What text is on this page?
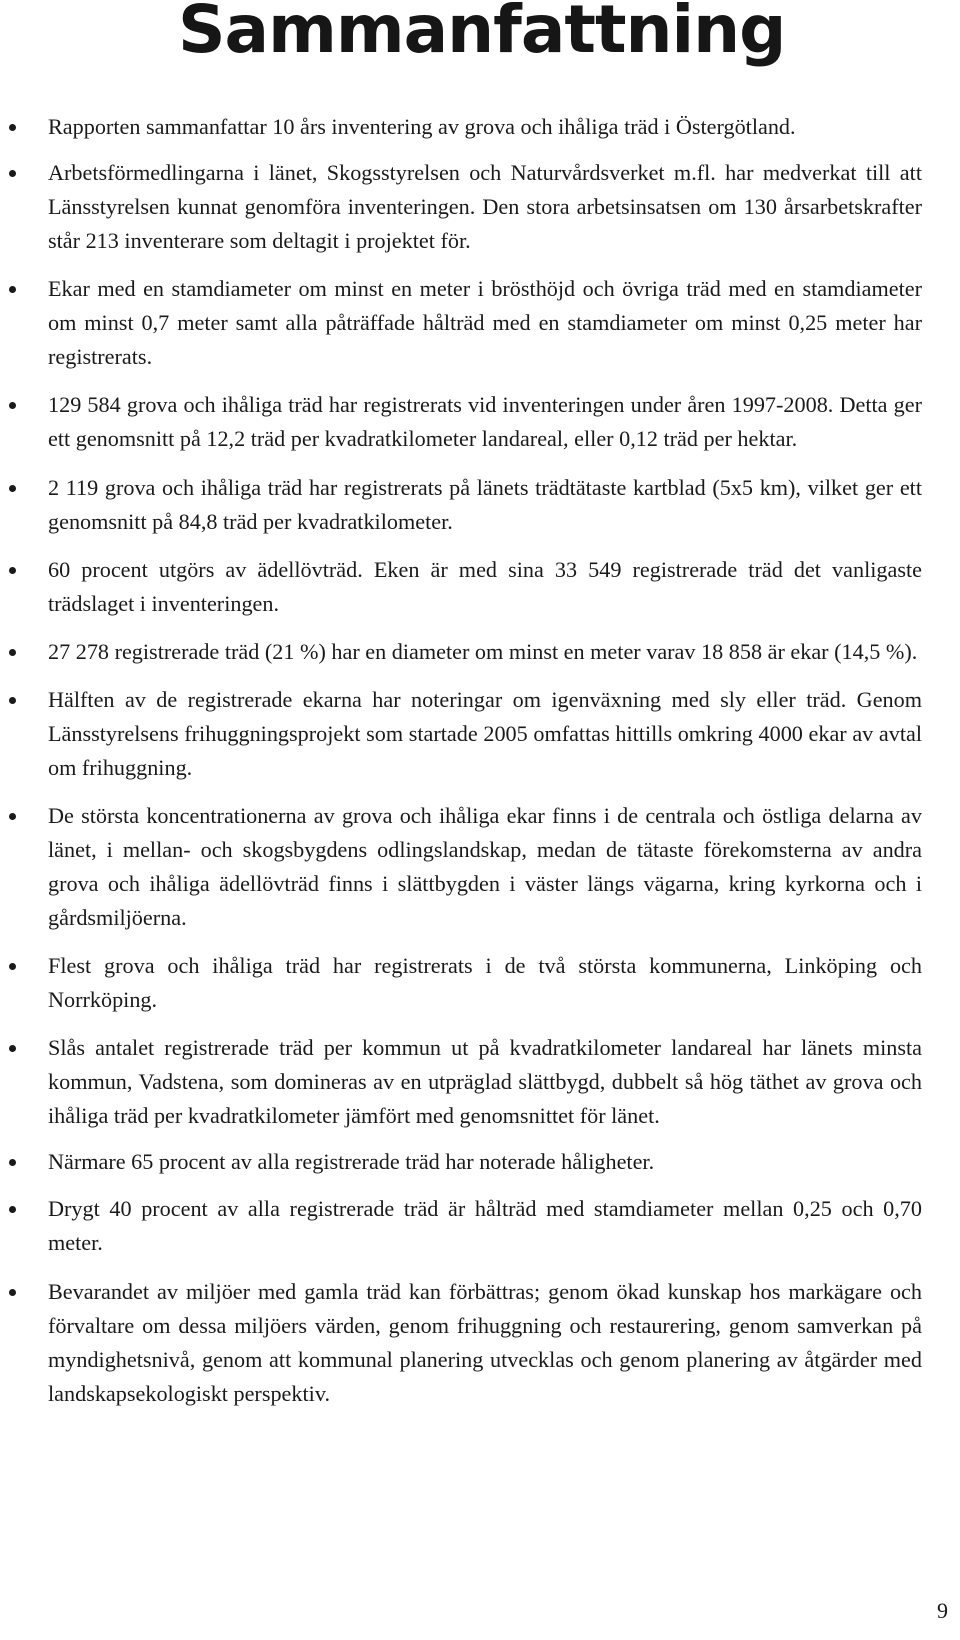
Sammanfattning
Rapporten sammanfattar 10 års inventering av grova och ihåliga träd i Östergötland.
Arbetsförmedlingarna i länet, Skogsstyrelsen och Naturvårdsverket m.fl. har medverkat till att Länsstyrelsen kunnat genomföra inventeringen. Den stora arbetsinsatsen om 130 årsarbetskrafter står 213 inventerare som deltagit i projektet för.
Ekar med en stamdiameter om minst en meter i brösthöjd och övriga träd med en stamdiameter om minst 0,7 meter samt alla påträffade hålträd med en stamdiameter om minst 0,25 meter har registrerats.
129 584 grova och ihåliga träd har registrerats vid inventeringen under åren 1997-2008. Detta ger ett genomsnitt på 12,2 träd per kvadratkilometer landareal, eller 0,12 träd per hektar.
2 119 grova och ihåliga träd har registrerats på länets trädtätaste kartblad (5x5 km), vilket ger ett genomsnitt på 84,8 träd per kvadratkilometer.
60 procent utgörs av ädellövträd. Eken är med sina 33 549 registrerade träd det vanligaste trädslaget i inventeringen.
27 278 registrerade träd (21 %) har en diameter om minst en meter varav 18 858 är ekar (14,5 %).
Hälften av de registrerade ekarna har noteringar om igenväxning med sly eller träd. Genom Länsstyrelsens frihuggningsprojekt som startade 2005 omfattas hittills omkring 4000 ekar av avtal om frihuggning.
De största koncentrationerna av grova och ihåliga ekar finns i de centrala och östliga delarna av länet, i mellan- och skogsbygdens odlingslandskap, medan de tätaste förekomsterna av andra grova och ihåliga ädellövträd finns i slättbygden i väster längs vägarna, kring kyrkorna och i gårdsmiljöerna.
Flest grova och ihåliga träd har registrerats i de två största kommunerna, Linköping och Norrköping.
Slås antalet registrerade träd per kommun ut på kvadratkilometer landareal har länets minsta kommun, Vadstena, som domineras av en utpräglad slättbygd, dubbelt så hög täthet av grova och ihåliga träd per kvadratkilometer jämfört med genomsnittet för länet.
Närmare 65 procent av alla registrerade träd har noterade håligheter.
Drygt 40 procent av alla registrerade träd är hålträd med stamdiameter mellan 0,25 och 0,70 meter.
Bevarandet av miljöer med gamla träd kan förbättras; genom ökad kunskap hos markägare och förvaltare om dessa miljöers värden, genom frihuggning och restaurering, genom samverkan på myndighetsnivå, genom att kommunal planering utvecklas och genom planering av åtgärder med landskapsekologiskt perspektiv.
9
